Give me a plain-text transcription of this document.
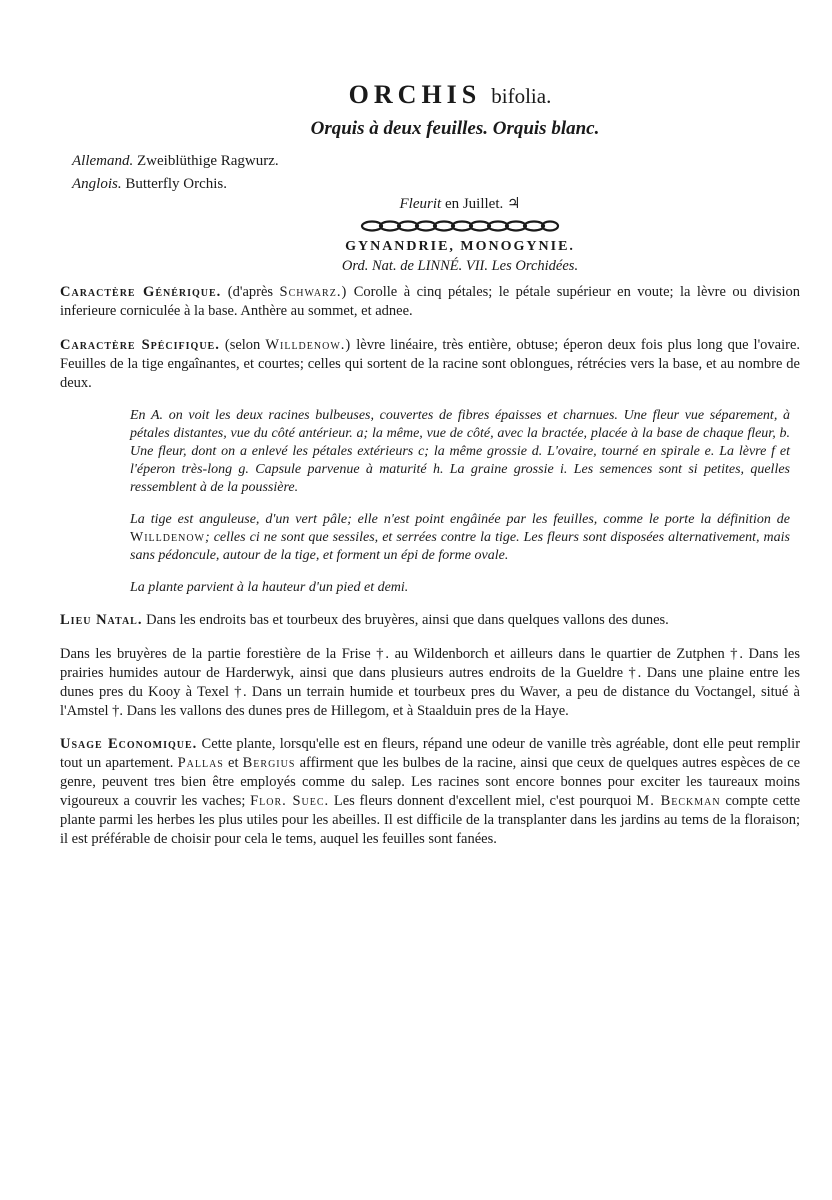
ORCHIS bifolia.
Orquis à deux feuilles. Orquis blanc.
Allemand. Zweiblüthige Ragwurz.
Anglois. Butterfly Orchis.
Fleurit en Juillet. ♃
GYNANDRIE, MONOGYNIE.
Ord. Nat. de LINNÉ. VII. Les Orchidées.

Caractère Générique. (d'après Schwarz.) Corolle à cinq pétales; le pétale supérieur en voute; la lèvre ou division inferieure corniculée à la base. Anthère au sommet, et adnee.

Caractère Spécifique. (selon Willdenow.) lèvre linéaire, très entière, obtuse; éperon deux fois plus long que l'ovaire. Feuilles de la tige engaînantes, et courtes; celles qui sortent de la racine sont oblongues, rétrécies vers la base, et au nombre de deux.

En A. on voit les deux racines bulbeuses, couvertes de fibres épaisses et charnues. Une fleur vue séparement, à pétales distantes, vue du côté antérieur. a; la même, vue de côté, avec la bractée, placée à la base de chaque fleur, b. Une fleur, dont on a enlevé les pétales extérieurs c; la même grossie d. L'ovaire, tourné en spirale e. La lèvre f et l'éperon très-long g. Capsule parvenue à maturité h. La graine grossie i. Les semences sont si petites, quelles ressemblent à de la poussière.

La tige est anguleuse, d'un vert pâle; elle n'est point engâinée par les feuilles, comme le porte la définition de Willdenow; celles ci ne sont que sessiles, et serrées contre la tige. Les fleurs sont disposées alternativement, mais sans pédoncule, autour de la tige, et forment un épi de forme ovale.

La plante parvient à la hauteur d'un pied et demi.

Lieu Natal. Dans les endroits bas et tourbeux des bruyères, ainsi que dans quelques vallons des dunes.

Dans les bruyères de la partie forestière de la Frise †. au Wildenborch et ailleurs dans le quartier de Zutphen †. Dans les prairies humides autour de Harderwyk, ainsi que dans plusieurs autres endroits de la Gueldre †. Dans une plaine entre les dunes pres du Kooy à Texel †. Dans un terrain humide et tourbeux pres du Waver, a peu de distance du Voctangel, situé à l'Amstel †. Dans les vallons des dunes pres de Hillegom, et à Staalduin pres de la Haye.

Usage Economique. Cette plante, lorsqu'elle est en fleurs, répand une odeur de vanille très agréable, dont elle peut remplir tout un apartement. Pallas et Bergius affirment que les bulbes de la racine, ainsi que ceux de quelques autres espèces de ce genre, peuvent tres bien être employés comme du salep. Les racines sont encore bonnes pour exciter les taureaux moins vigoureux a couvrir les vaches; Flor. Suec. Les fleurs donnent d'excellent miel, c'est pourquoi M. Beckman compte cette plante parmi les herbes les plus utiles pour les abeilles. Il est difficile de la transplanter dans les jardins au tems de la floraison; il est préférable de choisir pour cela le tems, auquel les feuilles sont fanées.
